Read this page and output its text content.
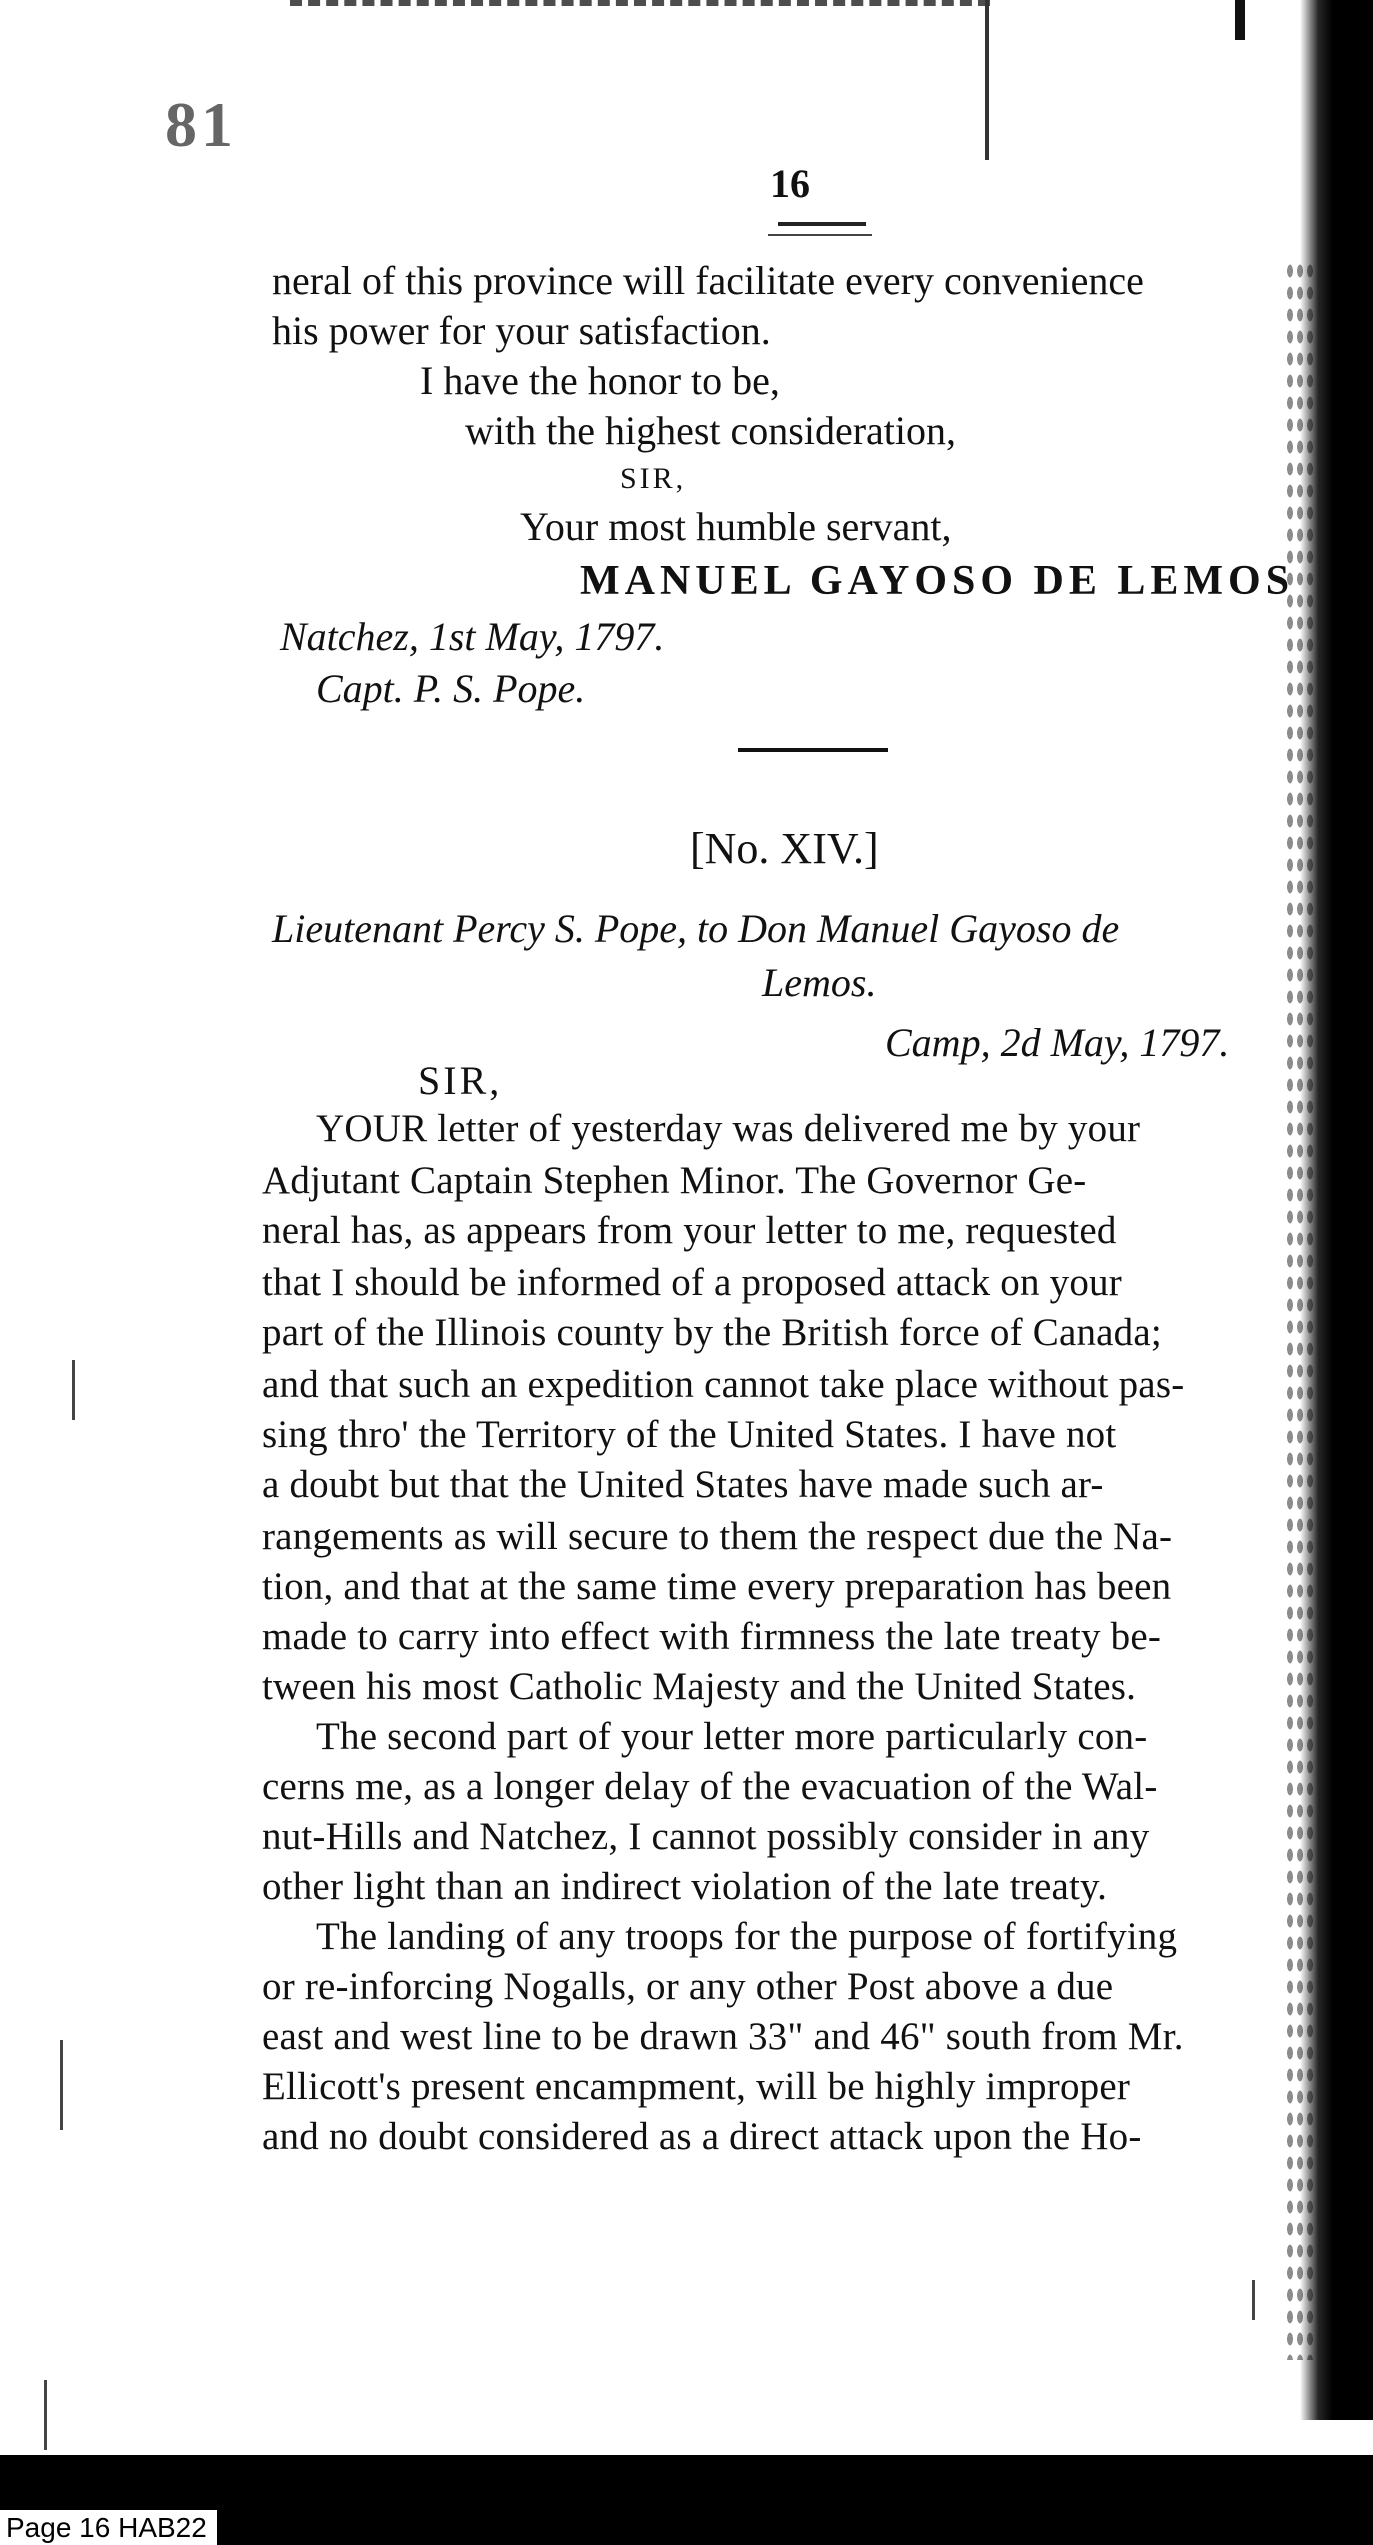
81
16
neral of this province will facilitate every convenience
his power for your satisfaction.
I have the honor to be,
with the highest consideration,
SIR,
Your most humble servant,
MANUEL GAYOSO DE LEMOS
Natchez, 1st May, 1797.
Capt. P. S. Pope.
[No. XIV.]
Lieutenant Percy S. Pope, to Don Manuel Gayoso de
Lemos.
Camp, 2d May, 1797.
SIR,
YOUR letter of yesterday was delivered me by your
Adjutant Captain Stephen Minor. The Governor Ge-
neral has, as appears from your letter to me, requested
that I should be informed of a proposed attack on your
part of the Illinois county by the British force of Canada;
and that such an expedition cannot take place without pas-
sing thro' the Territory of the United States. I have not
a doubt but that the United States have made such ar-
rangements as will secure to them the respect due the Na-
tion, and that at the same time every preparation has been
made to carry into effect with firmness the late treaty be-
tween his most Catholic Majesty and the United States.
The second part of your letter more particularly con-
cerns me, as a longer delay of the evacuation of the Wal-
nut-Hills and Natchez, I cannot possibly consider in any
other light than an indirect violation of the late treaty.
The landing of any troops for the purpose of fortifying
or re-inforcing Nogalls, or any other Post above a due
east and west line to be drawn 33" and 46" south from Mr.
Ellicott's present encampment, will be highly improper
and no doubt considered as a direct attack upon the Ho-
Page 16 HAB22
